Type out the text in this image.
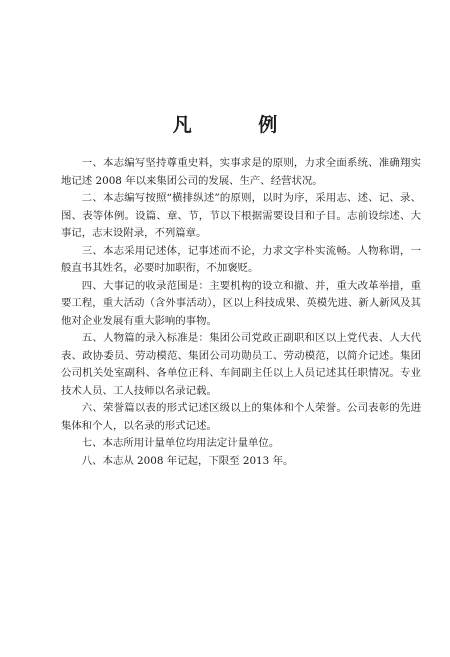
凡 例

一、本志编写坚持尊重史料，实事求是的原则，力求全面系统、准确翔实地记述 2008 年以来集团公司的发展、生产、经营状况。

二、本志编写按照“横排纵述”的原则，以时为序，采用志、述、记、录、图、表等体例。设篇、章、节，节以下根据需要设目和子目。志前设综述、大事记，志末设附录，不列篇章。

三、本志采用记述体，记事述而不论，力求文字朴实流畅。人物称谓，一般直书其姓名，必要时加职衔，不加褒贬。

四、大事记的收录范围是：主要机构的设立和撤、并，重大改革举措，重要工程，重大活动（含外事活动），区以上科技成果、英模先进、新人新风及其他对企业发展有重大影响的事物。

五、人物篇的录入标准是：集团公司党政正副职和区以上党代表、人大代表、政协委员、劳动模范、集团公司功勋员工、劳动模范，以简介记述。集团公司机关处室副科、各单位正科、车间副主任以上人员记述其任职情况。专业技术人员、工人技师以名录记载。

六、荣誉篇以表的形式记述区级以上的集体和个人荣誉。公司表彰的先进集体和个人，以名录的形式记述。

七、本志所用计量单位均用法定计量单位。

八、本志从 2008 年记起，下限至 2013 年。
